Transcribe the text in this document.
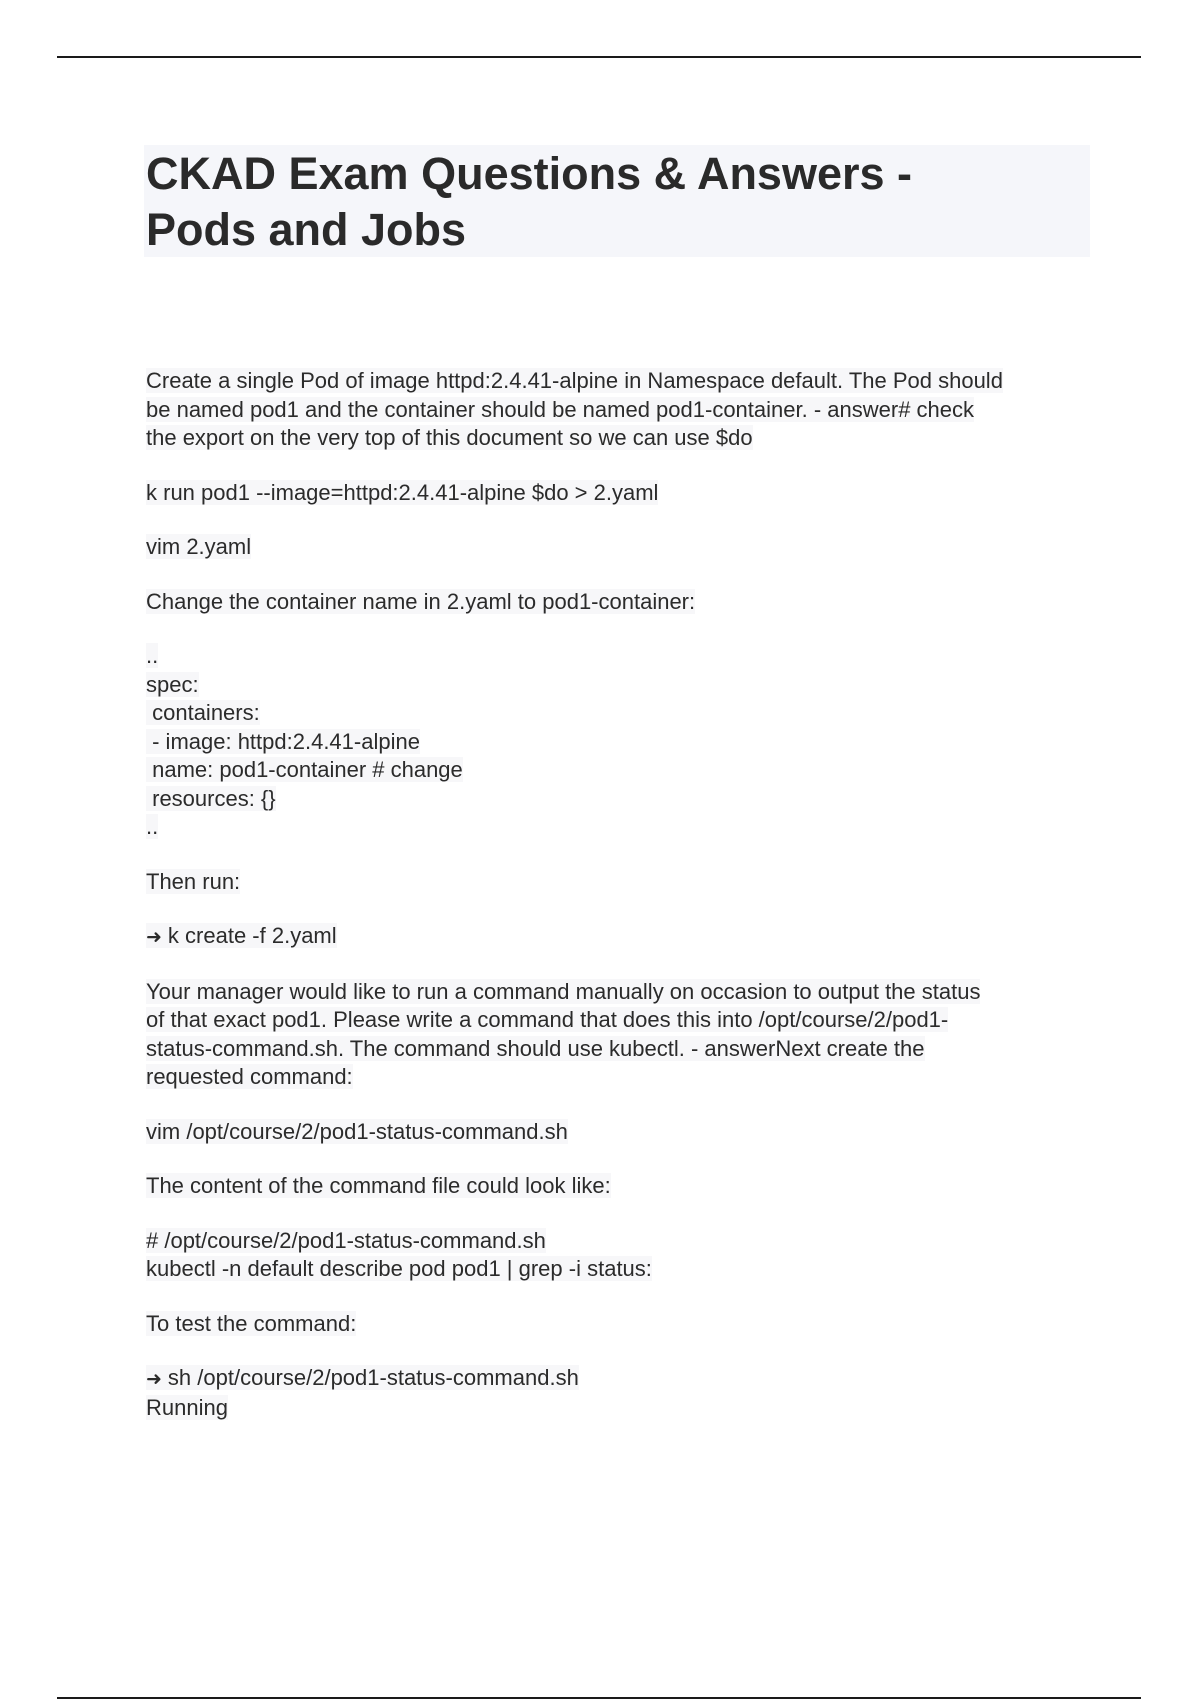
CKAD Exam Questions & Answers -
Pods and Jobs

Create a single Pod of image httpd:2.4.41-alpine in Namespace default. The Pod should
be named pod1 and the container should be named pod1-container. - answer# check
the export on the very top of this document so we can use $do

k run pod1 --image=httpd:2.4.41-alpine $do > 2.yaml

vim 2.yaml

Change the container name in 2.yaml to pod1-container:

..
spec:
containers:
- image: httpd:2.4.41-alpine
name: pod1-container # change
resources: {}
..

Then run:

➜ k create -f 2.yaml

Your manager would like to run a command manually on occasion to output the status
of that exact pod1. Please write a command that does this into /opt/course/2/pod1-
status-command.sh. The command should use kubectl. - answerNext create the
requested command:

vim /opt/course/2/pod1-status-command.sh

The content of the command file could look like:

# /opt/course/2/pod1-status-command.sh
kubectl -n default describe pod pod1 | grep -i status:

To test the command:

➜ sh /opt/course/2/pod1-status-command.sh
Running
